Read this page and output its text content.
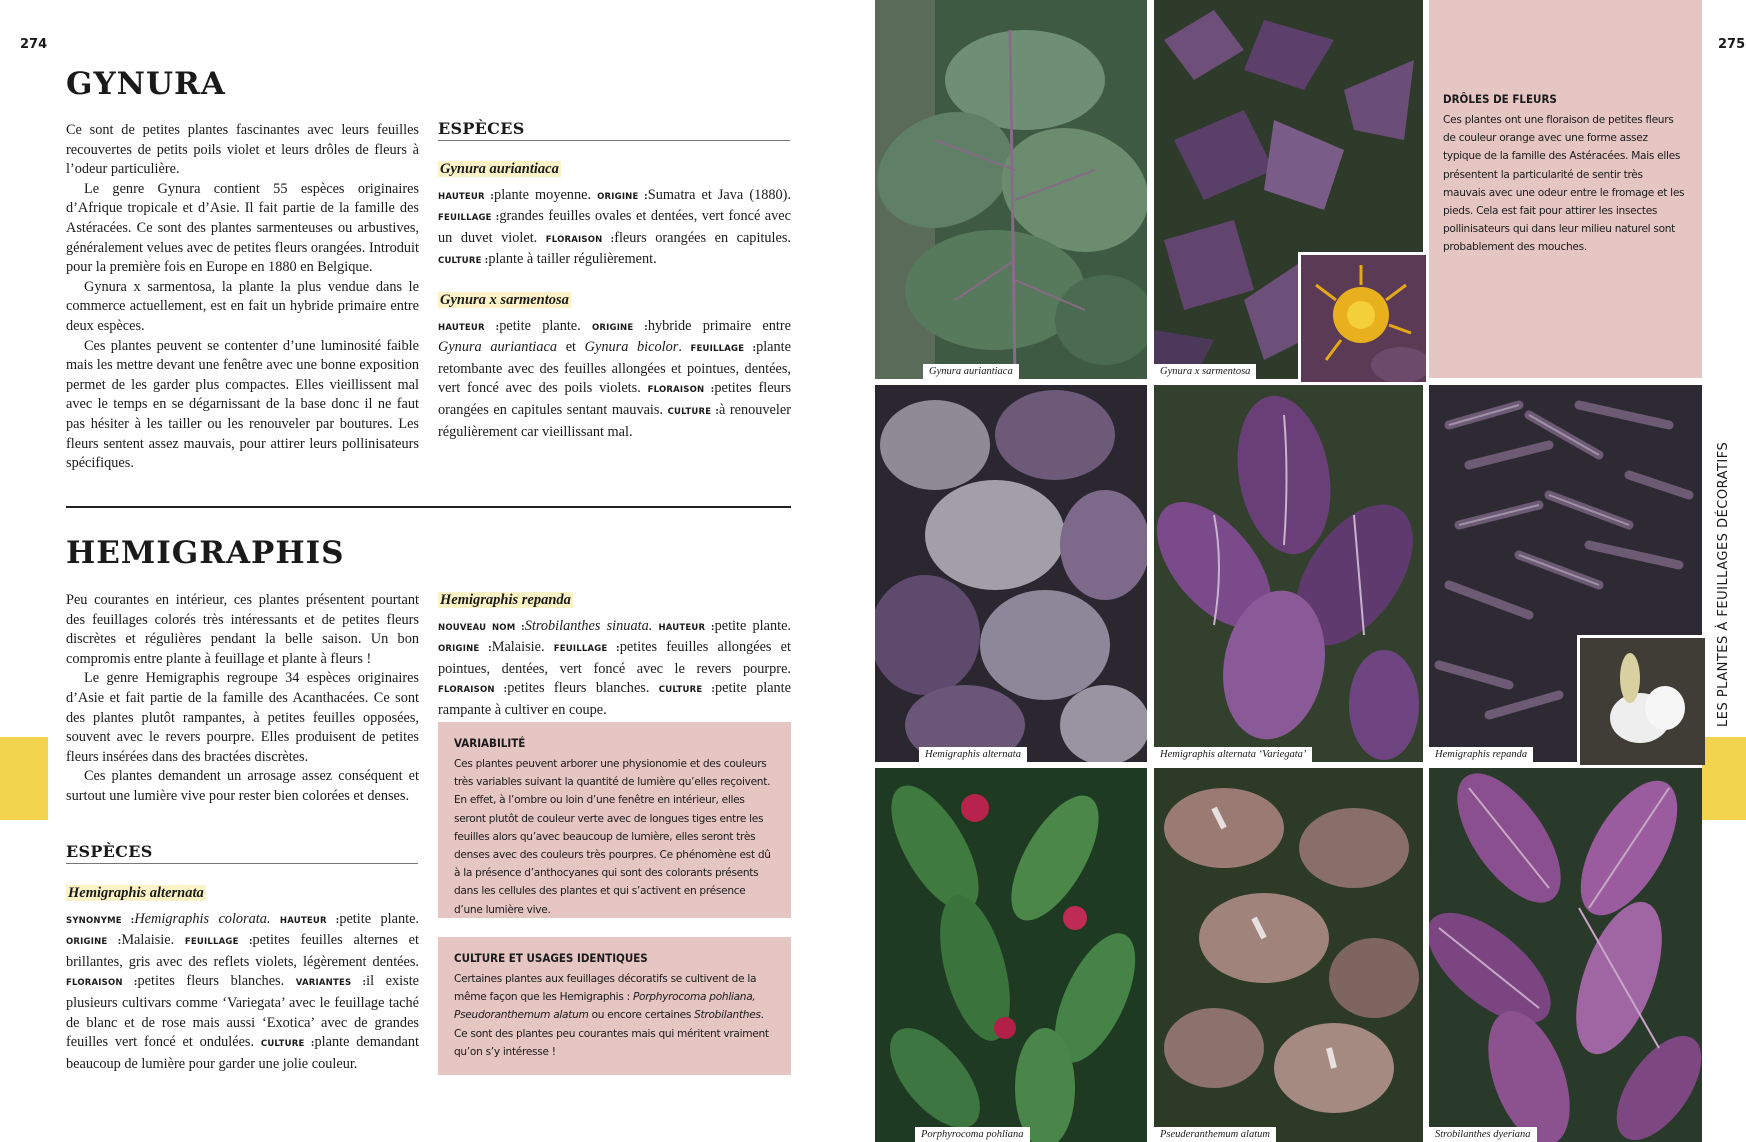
274
GYNURA

Ce sont de petites plantes fascinantes avec leurs feuilles recouvertes de petits poils violet et leurs drôles de fleurs à l’odeur particulière.

Le genre Gynura contient 55 espèces originaires d’Afrique tropicale et d’Asie. Il fait partie de la famille des Astéracées. Ce sont des plantes sarmenteuses ou arbustives, généralement velues avec de petites fleurs orangées. Introduit pour la première fois en Europe en 1880 en Belgique.

Gynura x sarmentosa, la plante la plus vendue dans le commerce actuellement, est en fait un hybride primaire entre deux espèces.

Ces plantes peuvent se contenter d’une luminosité faible mais les mettre devant une fenêtre avec une bonne exposition permet de les garder plus compactes. Elles vieillissent mal avec le temps en se dégarnissant de la base donc il ne faut pas hésiter à les tailler ou les renouveler par boutures. Les fleurs sentent assez mauvais, pour attirer leurs pollinisateurs spécifiques.

ESPÈCES
Gynura auriantiaca

HAUTEUR :plante moyenne. ORIGINE :Sumatra et Java (1880). FEUILLAGE :grandes feuilles ovales et dentées, vert foncé avec un duvet violet. FLORAISON :fleurs orangées en capitules. CULTURE :plante à tailler régulièrement.

Gynura x sarmentosa

HAUTEUR :petite plante. ORIGINE :hybride primaire entre Gynura auriantiaca et Gynura bicolor. FEUILLAGE :plante retombante avec des feuilles allongées et pointues, dentées, vert foncé avec des poils violets. FLORAISON :petites fleurs orangées en capitules sentant mauvais. CULTURE :à renouveler régulièrement car vieillissant mal.

HEMIGRAPHIS

Peu courantes en intérieur, ces plantes présentent pourtant des feuillages colorés très intéressants et de petites fleurs discrètes et régulières pendant la belle saison. Un bon compromis entre plante à feuillage et plante à fleurs !

Le genre Hemigraphis regroupe 34 espèces originaires d’Asie et fait partie de la famille des Acanthacées. Ce sont des plantes plutôt rampantes, à petites feuilles opposées, souvent avec le revers pourpre. Elles produisent de petites fleurs insérées dans des bractées discrètes.

Ces plantes demandent un arrosage assez conséquent et surtout une lumière vive pour rester bien colorées et denses.

ESPÈCES
Hemigraphis alternata

SYNONYME :Hemigraphis colorata. HAUTEUR :petite plante. ORIGINE :Malaisie. FEUILLAGE :petites feuilles alternes et brillantes, gris avec des reflets violets, légèrement dentées. FLORAISON :petites fleurs blanches. VARIANTES :il existe plusieurs cultivars comme ‘Variegata’ avec le feuillage taché de blanc et de rose mais aussi ‘Exotica’ avec de grandes feuilles vert foncé et ondulées. CULTURE :plante demandant beaucoup de lumière pour garder une jolie couleur.

Hemigraphis repanda

NOUVEAU NOM :Strobilanthes sinuata. HAUTEUR :petite plante. ORIGINE :Malaisie. FEUILLAGE :petites feuilles allongées et pointues, dentées, vert foncé avec le revers pourpre. FLORAISON :petites fleurs blanches. CULTURE :petite plante rampante à cultiver en coupe.

VARIABILITÉ
Ces plantes peuvent arborer une physionomie et des couleurs très variables suivant la quantité de lumière qu’elles reçoivent. En effet, à l’ombre ou loin d’une fenêtre en intérieur, elles seront plutôt de couleur verte avec de longues tiges entre les feuilles alors qu’avec beaucoup de lumière, elles seront très denses avec des couleurs très pourpres. Ce phénomène est dû à la présence d’anthocyanes qui sont des colorants présents dans les cellules des plantes et qui s’activent en présence d’une lumière vive.
CULTURE ET USAGES IDENTIQUES
Certaines plantes aux feuillages décoratifs se cultivent de la même façon que les Hemigraphis : Porphyrocoma pohliana, Pseudoranthemum alatum ou encore certaines Strobilanthes. Ce sont des plantes peu courantes mais qui méritent vraiment qu’on s’y intéresse !
275
LES PLANTES À FEUILLAGES DÉCORATIFS
DRÔLES DE FLEURS
Ces plantes ont une floraison de petites fleurs de couleur orange avec une forme assez typique de la famille des Astéracées. Mais elles présentent la particularité de sentir très mauvais avec une odeur entre le fromage et les pieds. Cela est fait pour attirer les insectes pollinisateurs qui dans leur milieu naturel sont probablement des mouches.
Gynura auriantiaca	Gynura x sarmentosa
Hemigraphis alternata	Hemigraphis alternata ‘Variegata’	Hemigraphis repanda
Porphyrocoma pohliana	Pseuderanthemum alatum	Strobilanthes dyeriana
